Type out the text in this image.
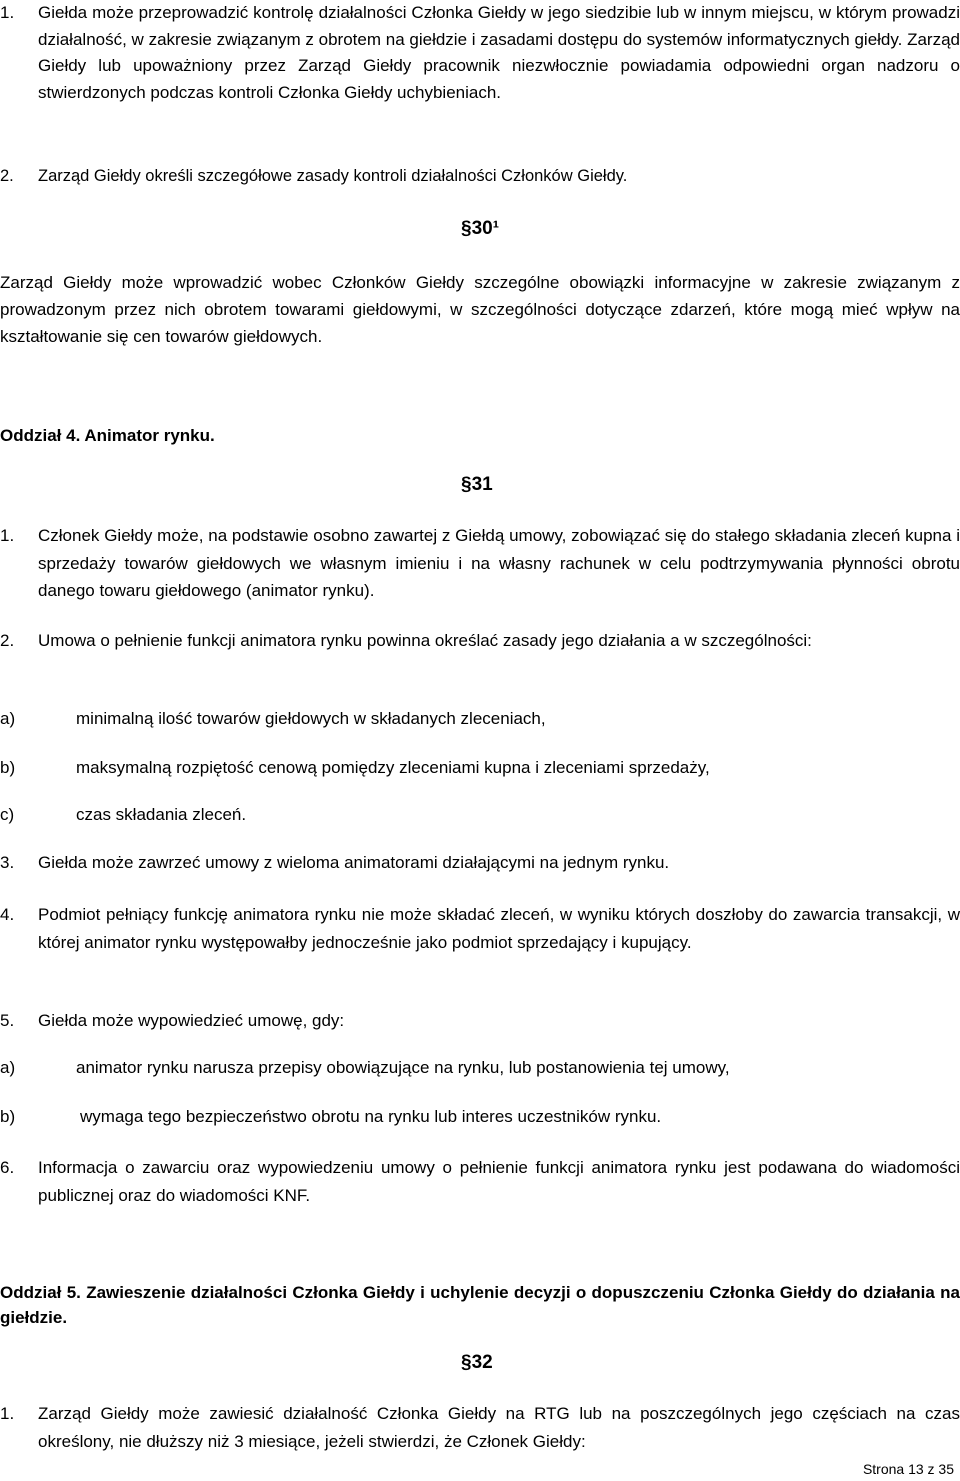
1. Giełda może przeprowadzić kontrolę działalności Członka Giełdy w jego siedzibie lub w innym miejscu, w którym prowadzi działalność, w zakresie związanym z obrotem na giełdzie i zasadami dostępu do systemów informatycznych giełdy. Zarząd Giełdy lub upoważniony przez Zarząd Giełdy pracownik niezwłocznie powiadamia odpowiedni organ nadzoru o stwierdzonych podczas kontroli Członka Giełdy uchybieniach.
2. Zarząd Giełdy określi szczegółowe zasady kontroli działalności Członków Giełdy.
§30¹
Zarząd Giełdy może wprowadzić wobec Członków Giełdy szczególne obowiązki informacyjne w zakresie związanym z prowadzonym przez nich obrotem towarami giełdowymi, w szczególności dotyczące zdarzeń, które mogą mieć wpływ na kształtowanie się cen towarów giełdowych.
Oddział 4. Animator rynku.
§31
1. Członek Giełdy może, na podstawie osobno zawartej z Giełdą umowy, zobowiązać się do stałego składania zleceń kupna i sprzedaży towarów giełdowych we własnym imieniu i na własny rachunek w celu podtrzymywania płynności obrotu danego towaru giełdowego (animator rynku).
2. Umowa o pełnienie funkcji animatora rynku powinna określać zasady jego działania a w szczególności:
a)	minimalną ilość towarów giełdowych w składanych zleceniach,
b)	maksymalną rozpiętość cenową pomiędzy zleceniami kupna i zleceniami sprzedaży,
c)	czas składania zleceń.
3. Giełda może zawrzeć umowy z wieloma animatorami działającymi na jednym rynku.
4. Podmiot pełniący funkcję animatora rynku nie może składać zleceń, w wyniku których doszłoby do zawarcia transakcji, w której animator rynku występowałby jednocześnie jako podmiot sprzedający i kupujący.
5. Giełda może wypowiedzieć umowę, gdy:
a)	animator rynku narusza przepisy obowiązujące na rynku, lub postanowienia tej umowy,
b)	wymaga tego bezpieczeństwo obrotu na rynku lub interes uczestników rynku.
6. Informacja o zawarciu oraz wypowiedzeniu umowy o pełnienie funkcji animatora rynku jest podawana do wiadomości publicznej oraz do wiadomości KNF.
Oddział 5. Zawieszenie działalności Członka Giełdy i uchylenie decyzji o dopuszczeniu Członka Giełdy do działania na giełdzie.
§32
1. Zarząd Giełdy może zawiesić działalność Członka Giełdy na RTG lub na poszczególnych jego częściach na czas określony, nie dłuższy niż 3 miesiące, jeżeli stwierdzi, że Członek Giełdy:
Strona 13 z 35
